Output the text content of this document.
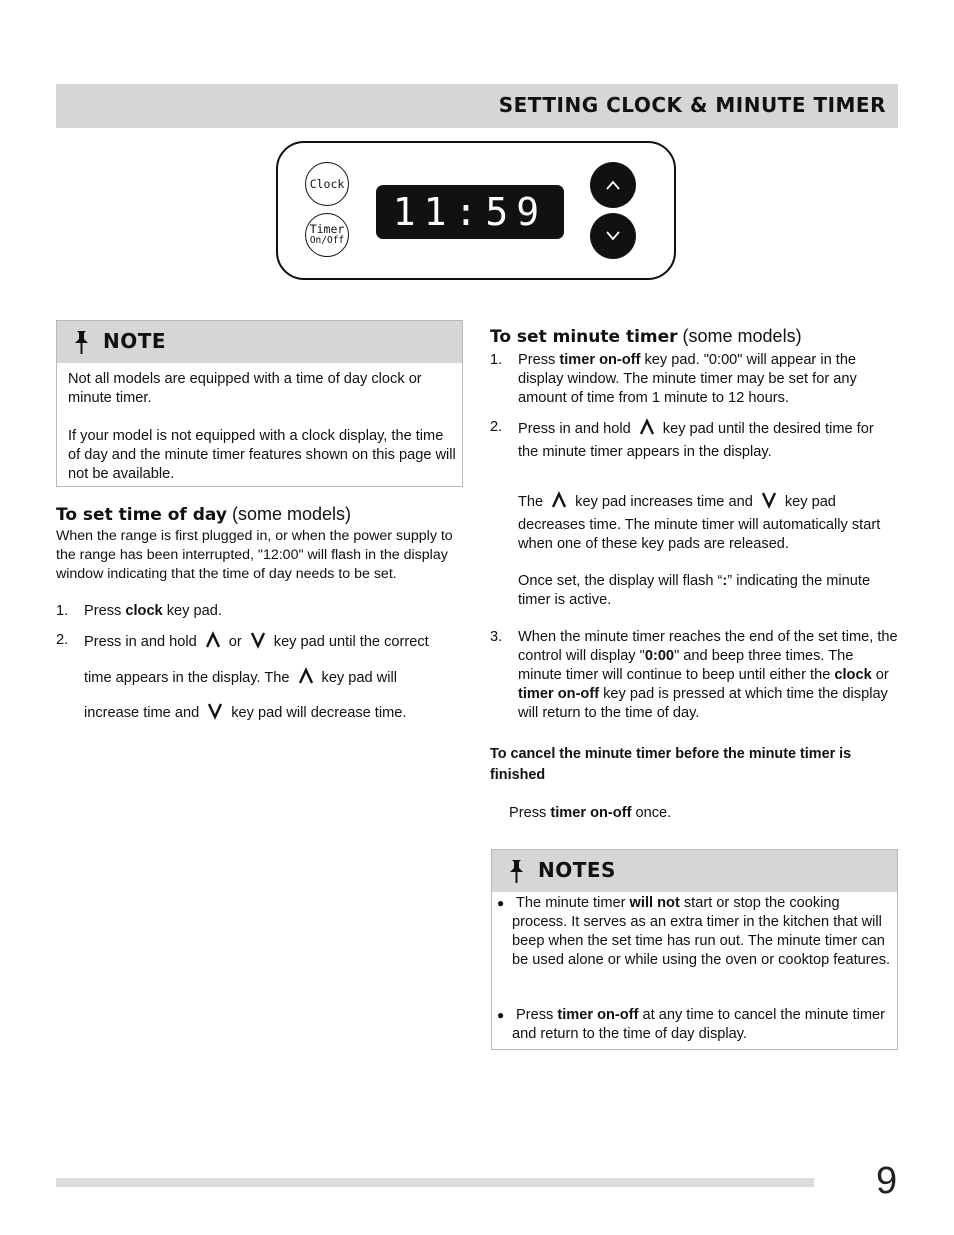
SETTING CLOCK & MINUTE TIMER
Clock
Timer
On/Off
11:59
NOTE
Not all models are equipped with a time of day clock or minute timer.
If your model is not equipped with a clock display, the time of day and the minute timer features shown on this page will not be available.
To set time of day (some models)
When the range is first plugged in, or when the power supply to the range has been interrupted, "12:00" will flash in the display window indicating that the time of day needs to be set.
1. Press clock key pad.
2. Press in and hold or key pad until the correct
time appears in the display. The key pad will
increase time and key pad will decrease time.
To set minute timer (some models)
1. Press timer on-off key pad. "0:00" will appear in the display window. The minute timer may be set for any amount of time from 1 minute to 12 hours.
2. Press in and hold key pad until the desired time for
the minute timer appears in the display.
The key pad increases time and key pad
decreases time. The minute timer will automatically start when one of these key pads are released.
Once set, the display will flash “:” indicating the minute timer is active.
3. When the minute timer reaches the end of the set time, the control will display "0:00" and beep three times. The minute timer will continue to beep until either the clock or timer on-off key pad is pressed at which time the display will return to the time of day.
To cancel the minute timer before the minute timer is finished
Press timer on-off once.
NOTES
● The minute timer will not start or stop the cooking process. It serves as an extra timer in the kitchen that will beep when the set time has run out. The minute timer can be used alone or while using the oven or cooktop features.
● Press timer on-off at any time to cancel the minute timer and return to the time of day display.
9
